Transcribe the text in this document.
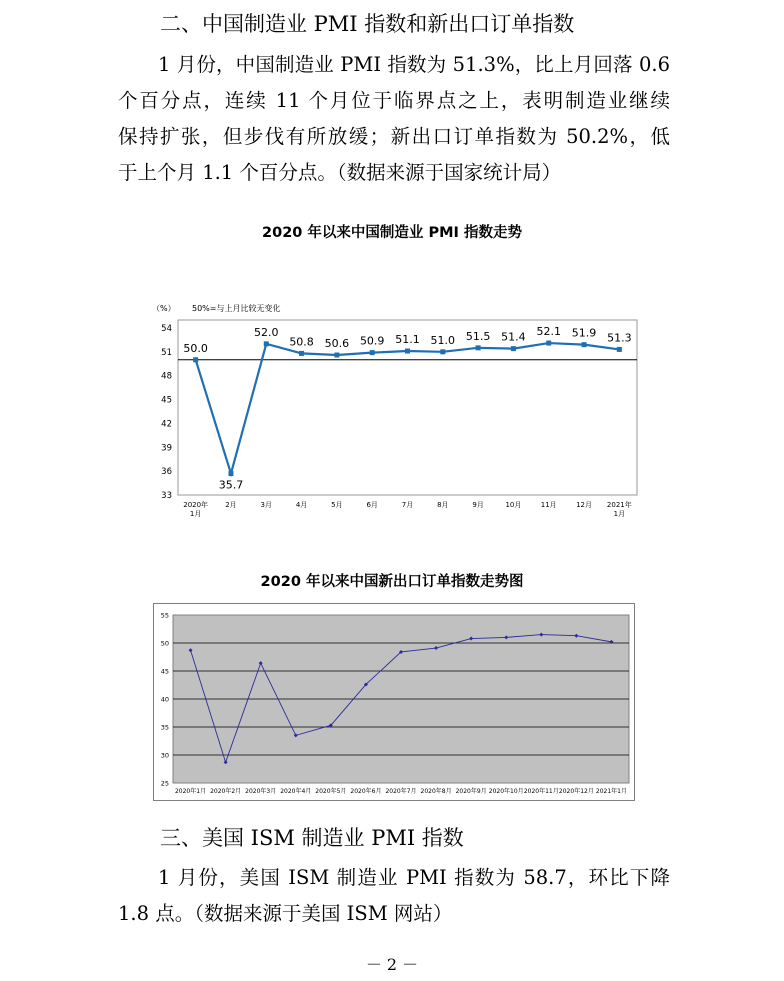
二、中国制造业 PMI 指数和新出口订单指数
1 月份，中国制造业 PMI 指数为 51.3%，比上月回落 0.6
个百分点，连续 11 个月位于临界点之上，表明制造业继续
保持扩张，但步伐有所放缓；新出口订单指数为 50.2%，低
于上个月 1.1 个百分点。（数据来源于国家统计局）
2020 年以来中国制造业 PMI 指数走势
（%） 50%=与上月比较无变化
33
36
39
42
45
48
51
54
2020年 1月
2月	3月	4月	5月	6月	7月	8月	9月	10月	11月	12月 2021年 1月
50.0
35.7
52.0
50.8 50.6 50.9 51.1 51.0 51.5 51.4 52.1 51.9 51.3
2020 年以来中国新出口订单指数走势图
25
30
35
40
45
50
55
2020年1月 2020年2月 2020年3月 2020年4月 2020年5月 2020年6月 2020年7月 2020年8月 2020年9月 2020年10月 2020年11月 2020年12月 2021年1月
三、美国 ISM 制造业 PMI 指数
1 月份，美国 ISM 制造业 PMI 指数为 58.7，环比下降
1.8 点。（数据来源于美国 ISM 网站）
－ 2 －
